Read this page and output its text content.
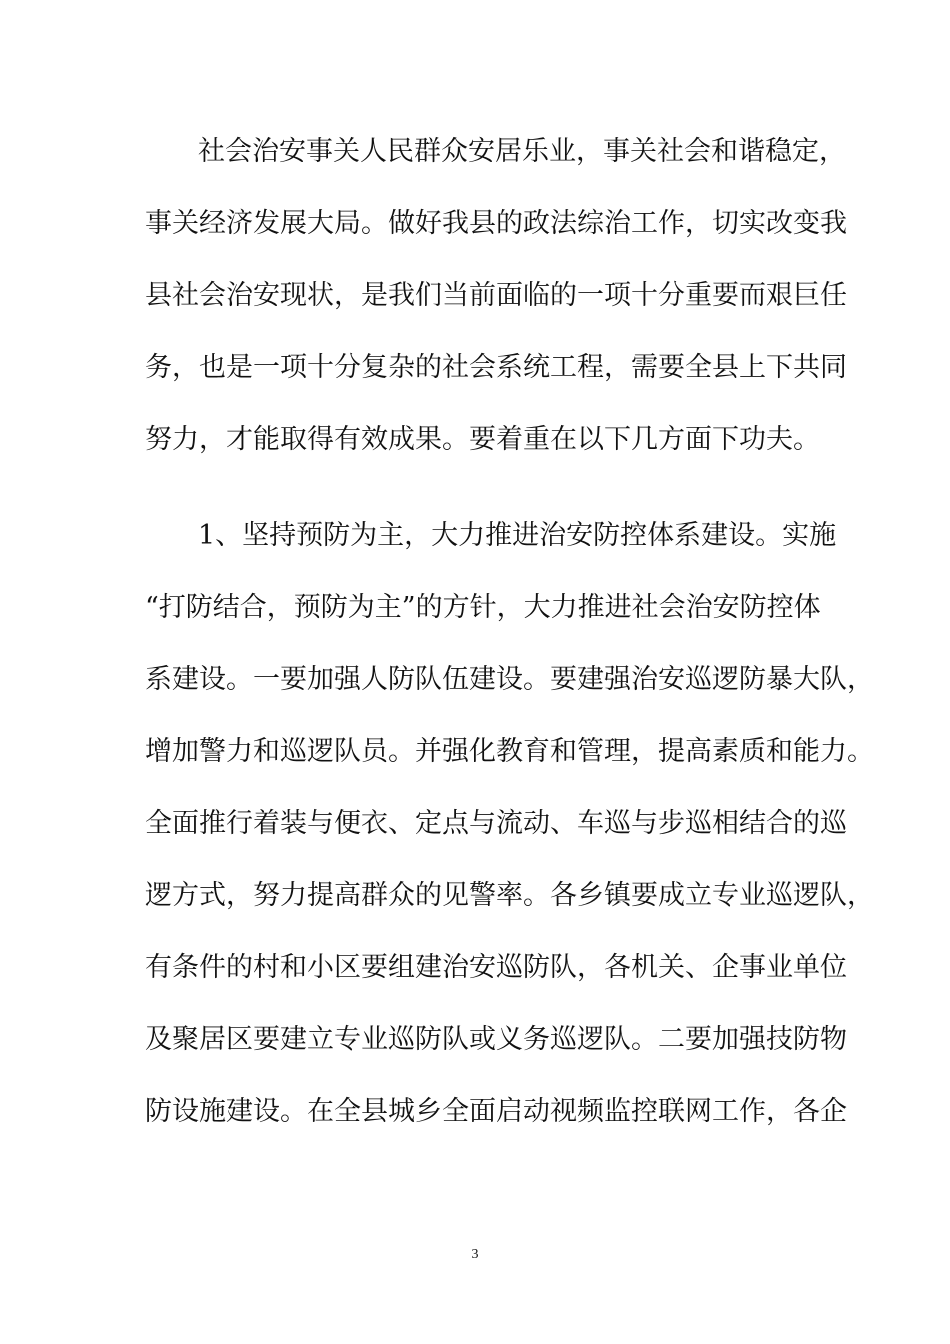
社会治安事关人民群众安居乐业，事关社会和谐稳定，
事关经济发展大局。做好我县的政法综治工作，切实改变我
县社会治安现状，是我们当前面临的一项十分重要而艰巨任
务，也是一项十分复杂的社会系统工程，需要全县上下共同
努力，才能取得有效成果。要着重在以下几方面下功夫。
1、坚持预防为主，大力推进治安防控体系建设。实施
“打防结合，预防为主”的方针，大力推进社会治安防控体
系建设。一要加强人防队伍建设。要建强治安巡逻防暴大队，
增加警力和巡逻队员。并强化教育和管理，提高素质和能力。
全面推行着装与便衣、定点与流动、车巡与步巡相结合的巡
逻方式，努力提高群众的见警率。各乡镇要成立专业巡逻队，
有条件的村和小区要组建治安巡防队，各机关、企事业单位
及聚居区要建立专业巡防队或义务巡逻队。二要加强技防物
防设施建设。在全县城乡全面启动视频监控联网工作，各企
3
